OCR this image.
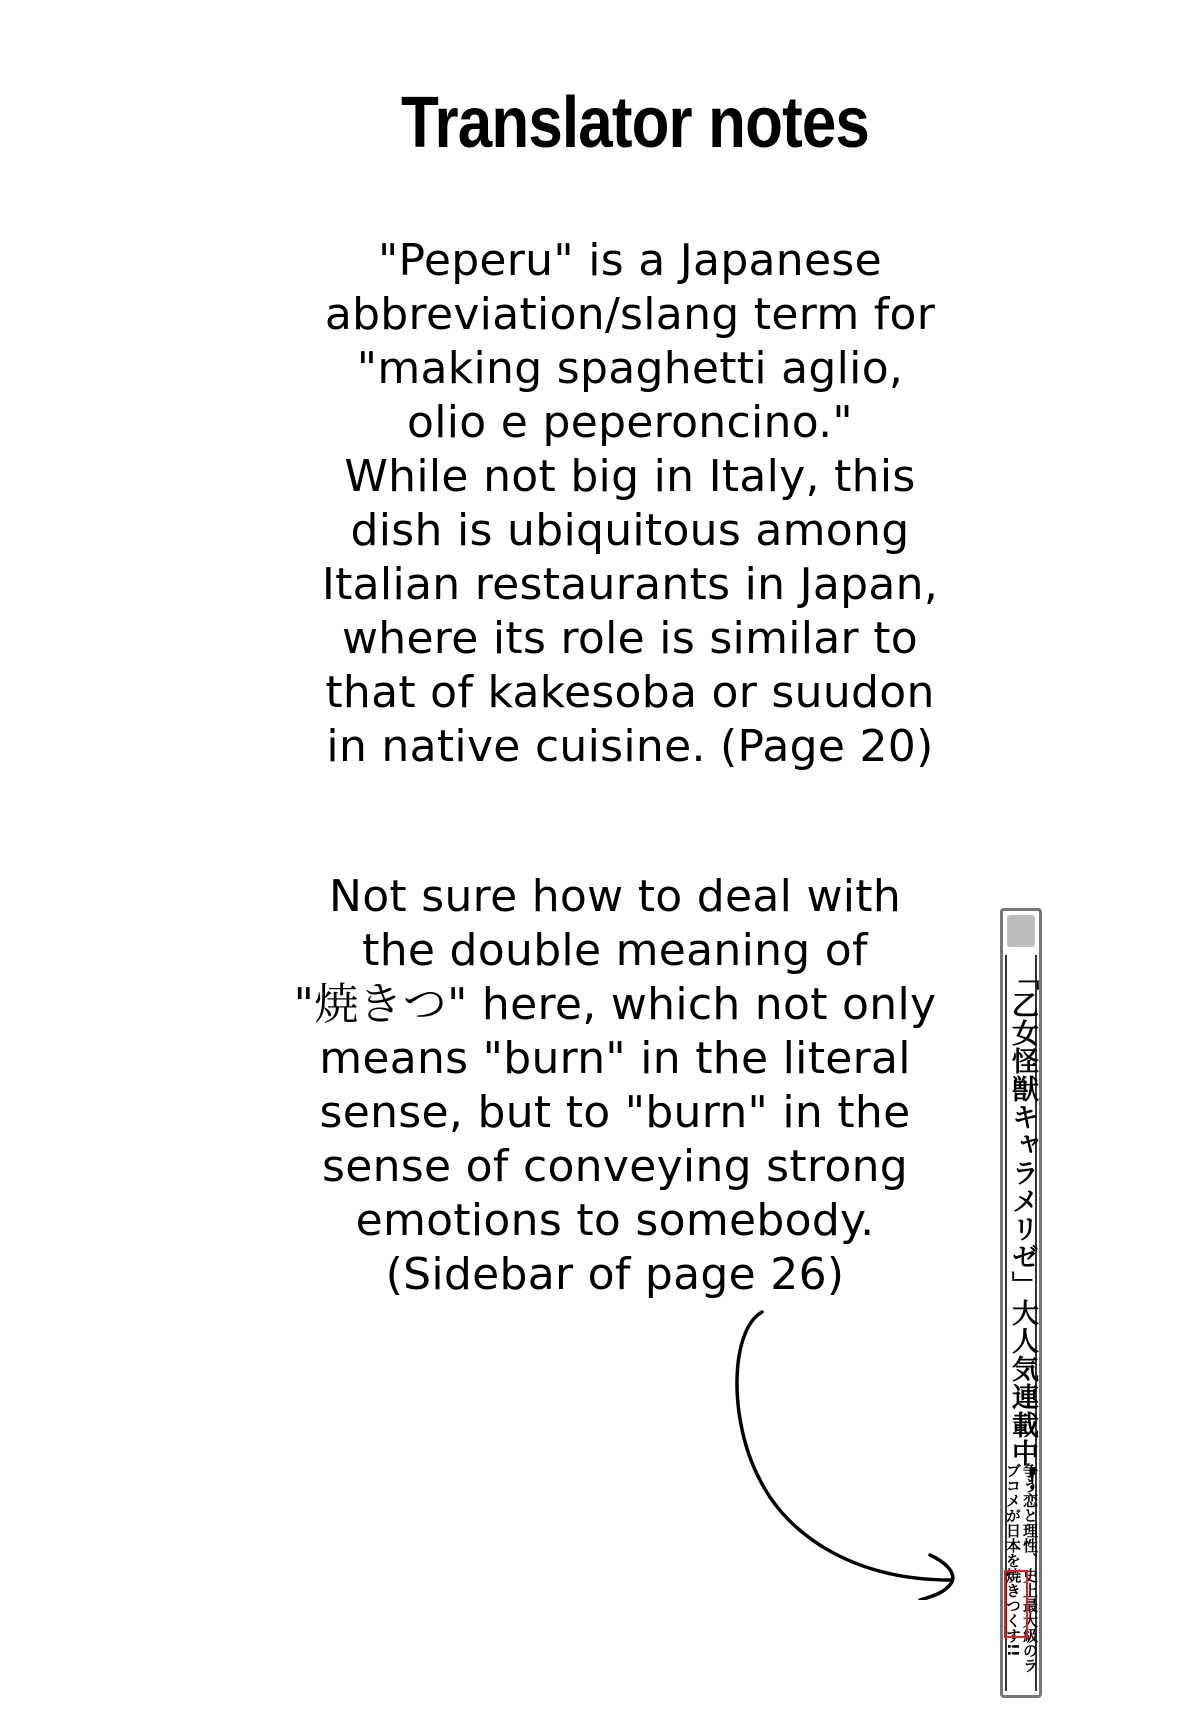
Translator notes
"Peperu" is a Japanese
abbreviation/slang term for
"making spaghetti aglio,
olio e peperoncino."
While not big in Italy, this
dish is ubiquitous among
Italian restaurants in Japan,
where its role is similar to
that of kakesoba or suudon
in native cuisine. (Page 20)
Not sure how to deal with
the double meaning of
"焼きつ" here, which not only
means "burn" in the literal
sense, but to "burn" in the
sense of conveying strong
emotions to somebody.
(Sidebar of page 26)	「乙女怪獣キャラメリゼ」大人気連載中！
争う恋と理性、史上最大級のラ
ブコメが日本を焼きつくす!!
